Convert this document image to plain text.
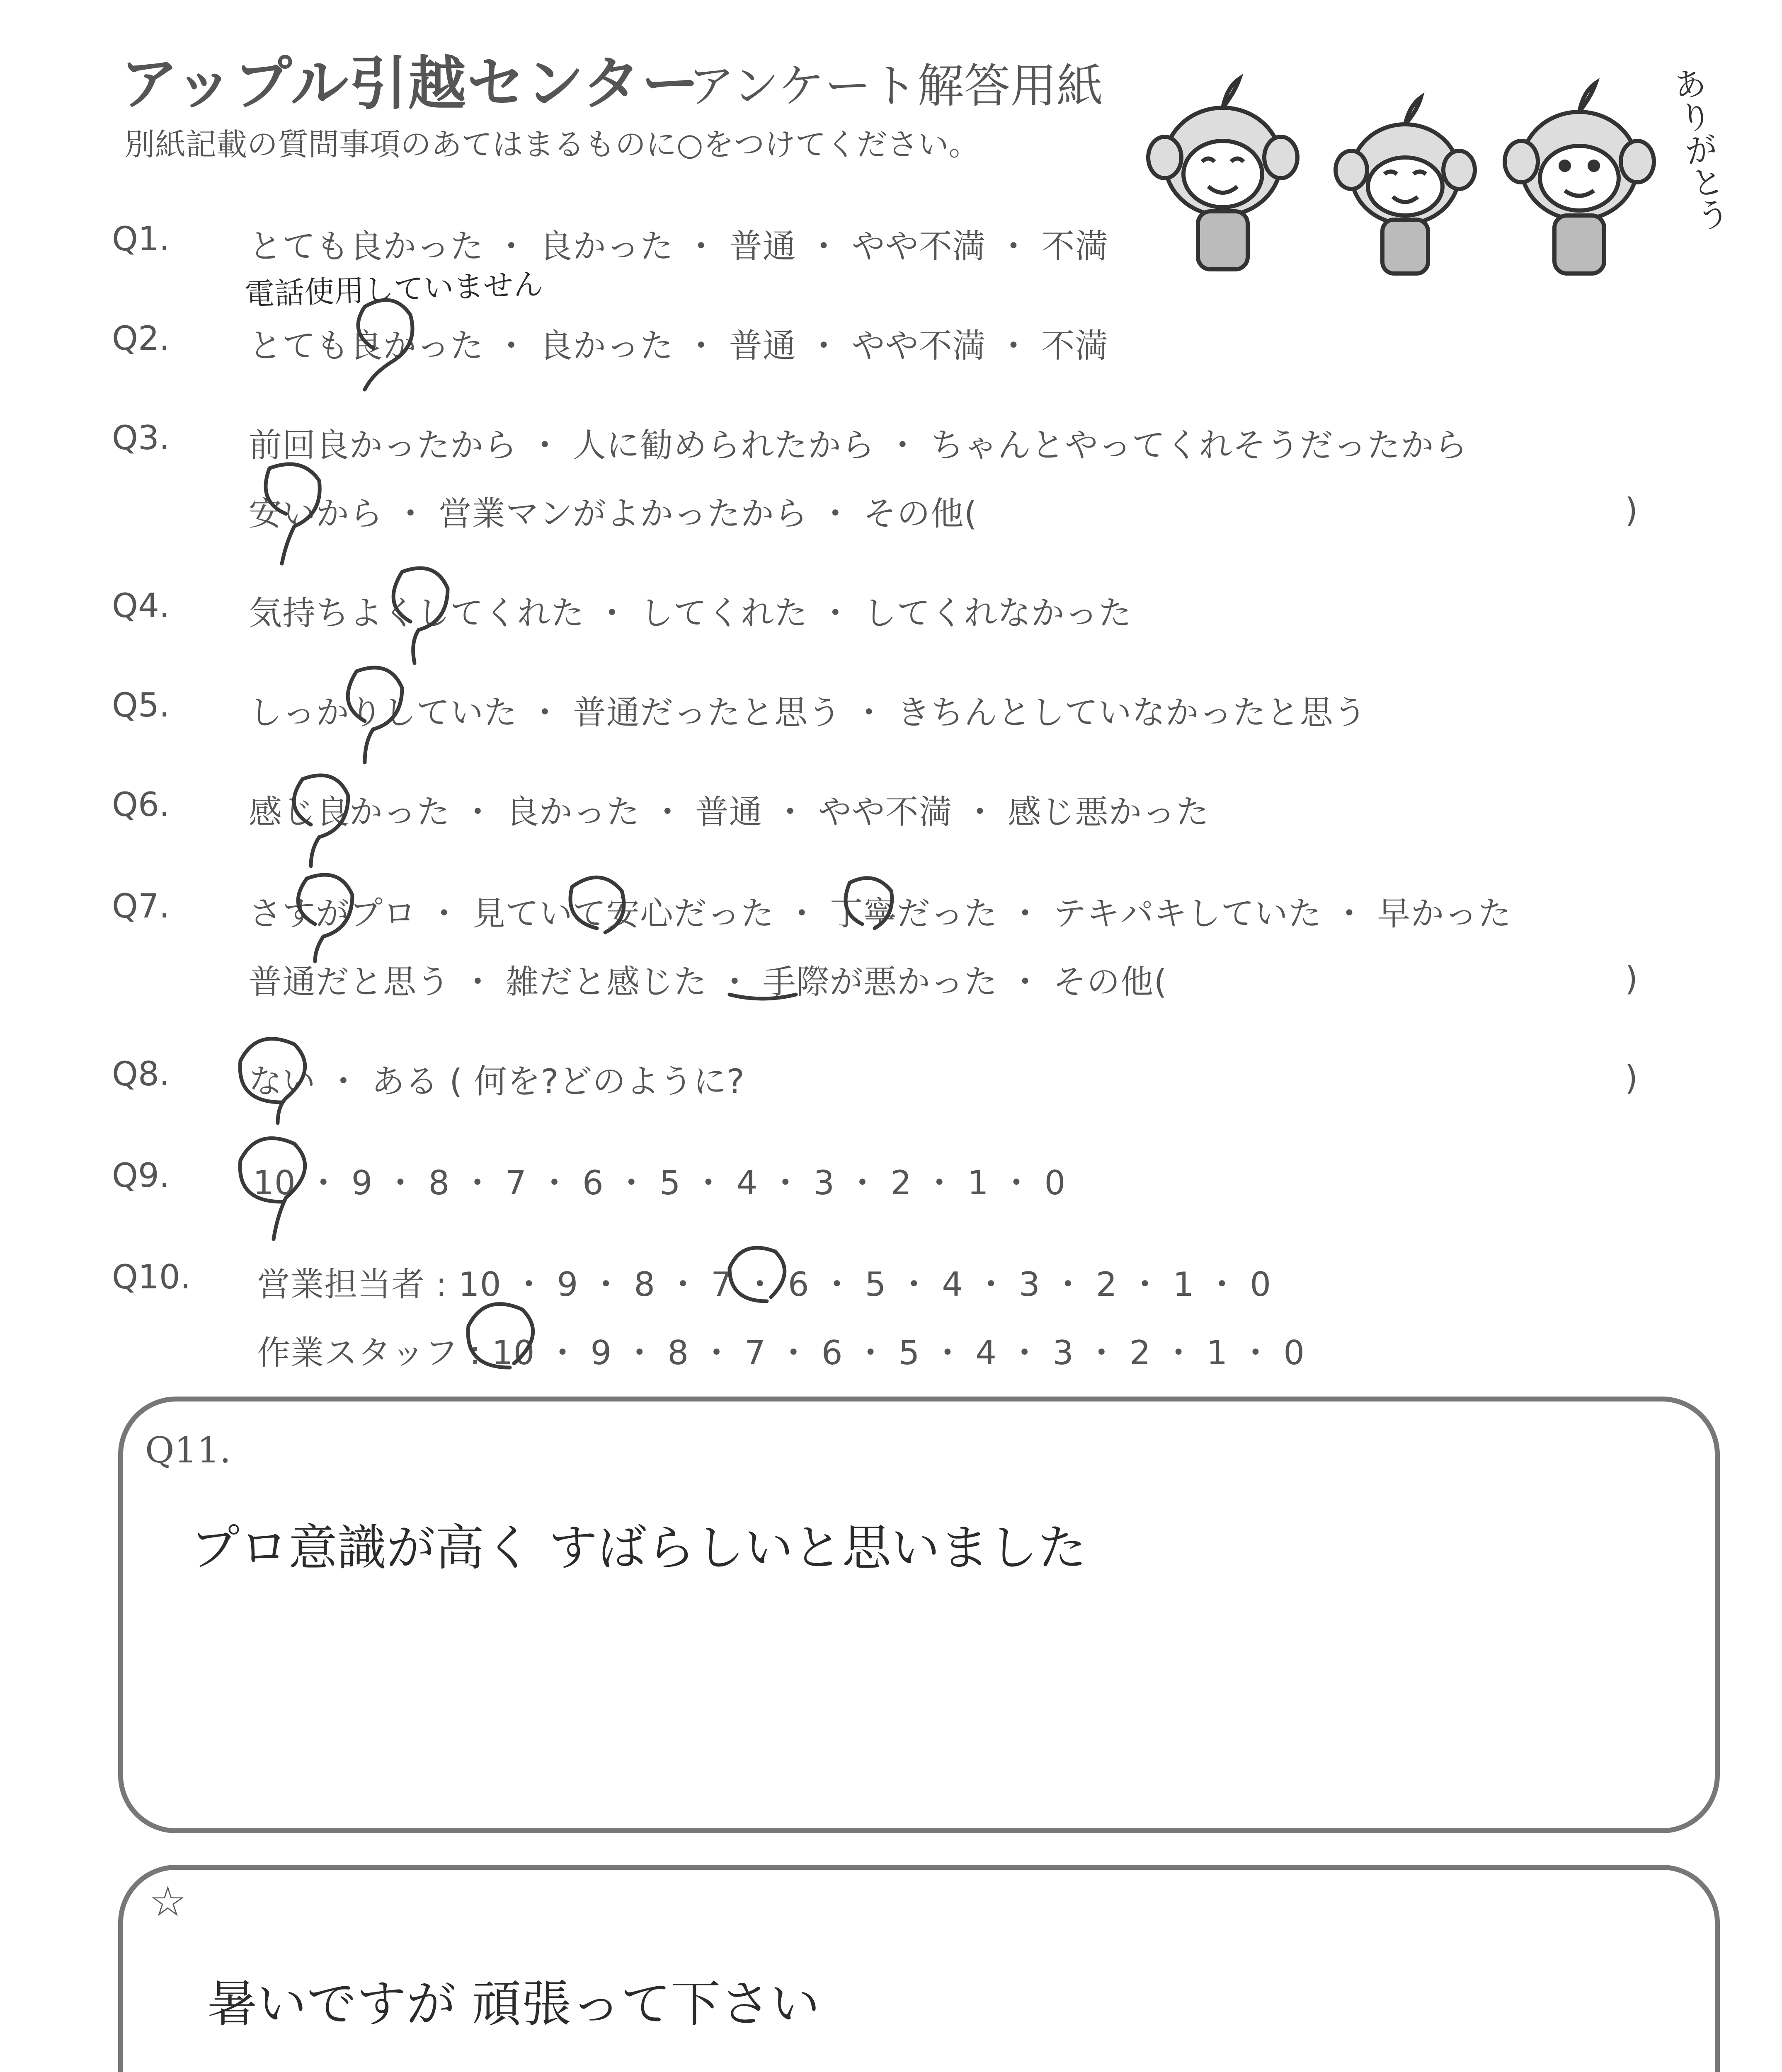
アップル引越センター
アンケート解答用紙
別紙記載の質問事項のあてはまるものに○をつけてください。	ありがとう
Q1. とても良かった ・ 良かった ・ 普通 ・ やや不満 ・ 不満
Q2. とても良かった ・ 良かった ・ 普通 ・ やや不満 ・ 不満
電話使用していません
Q3. 前回良かったから ・ 人に勧められたから ・ ちゃんとやってくれそうだったから
安いから ・ 営業マンがよかったから ・ その他(	)
Q4. 気持ちよくしてくれた ・ してくれた ・ してくれなかった
Q5. しっかりしていた ・ 普通だったと思う ・ きちんとしていなかったと思う
Q6. 感じ良かった ・ 良かった ・ 普通 ・ やや不満 ・ 感じ悪かった
Q7. さすがプロ ・ 見ていて安心だった ・ 丁寧だった ・ テキパキしていた ・ 早かった
普通だと思う ・ 雑だと感じた ・ 手際が悪かった ・ その他(	)
Q8. ない ・ ある ( 何を?どのように?	)
Q9.	10 ・ 9 ・ 8 ・ 7 ・ 6 ・ 5 ・ 4 ・ 3 ・ 2 ・ 1 ・ 0
Q10. 営業担当者 : 10 ・ 9 ・ 8 ・ 7 ・ 6 ・ 5 ・ 4 ・ 3 ・ 2 ・ 1 ・ 0
作業スタッフ : 10 ・ 9 ・ 8 ・ 7 ・ 6 ・ 5 ・ 4 ・ 3 ・ 2 ・ 1 ・ 0
Q11.
プロ意識が高く すばらしいと思いました
☆
暑いですが 頑張って下さい
